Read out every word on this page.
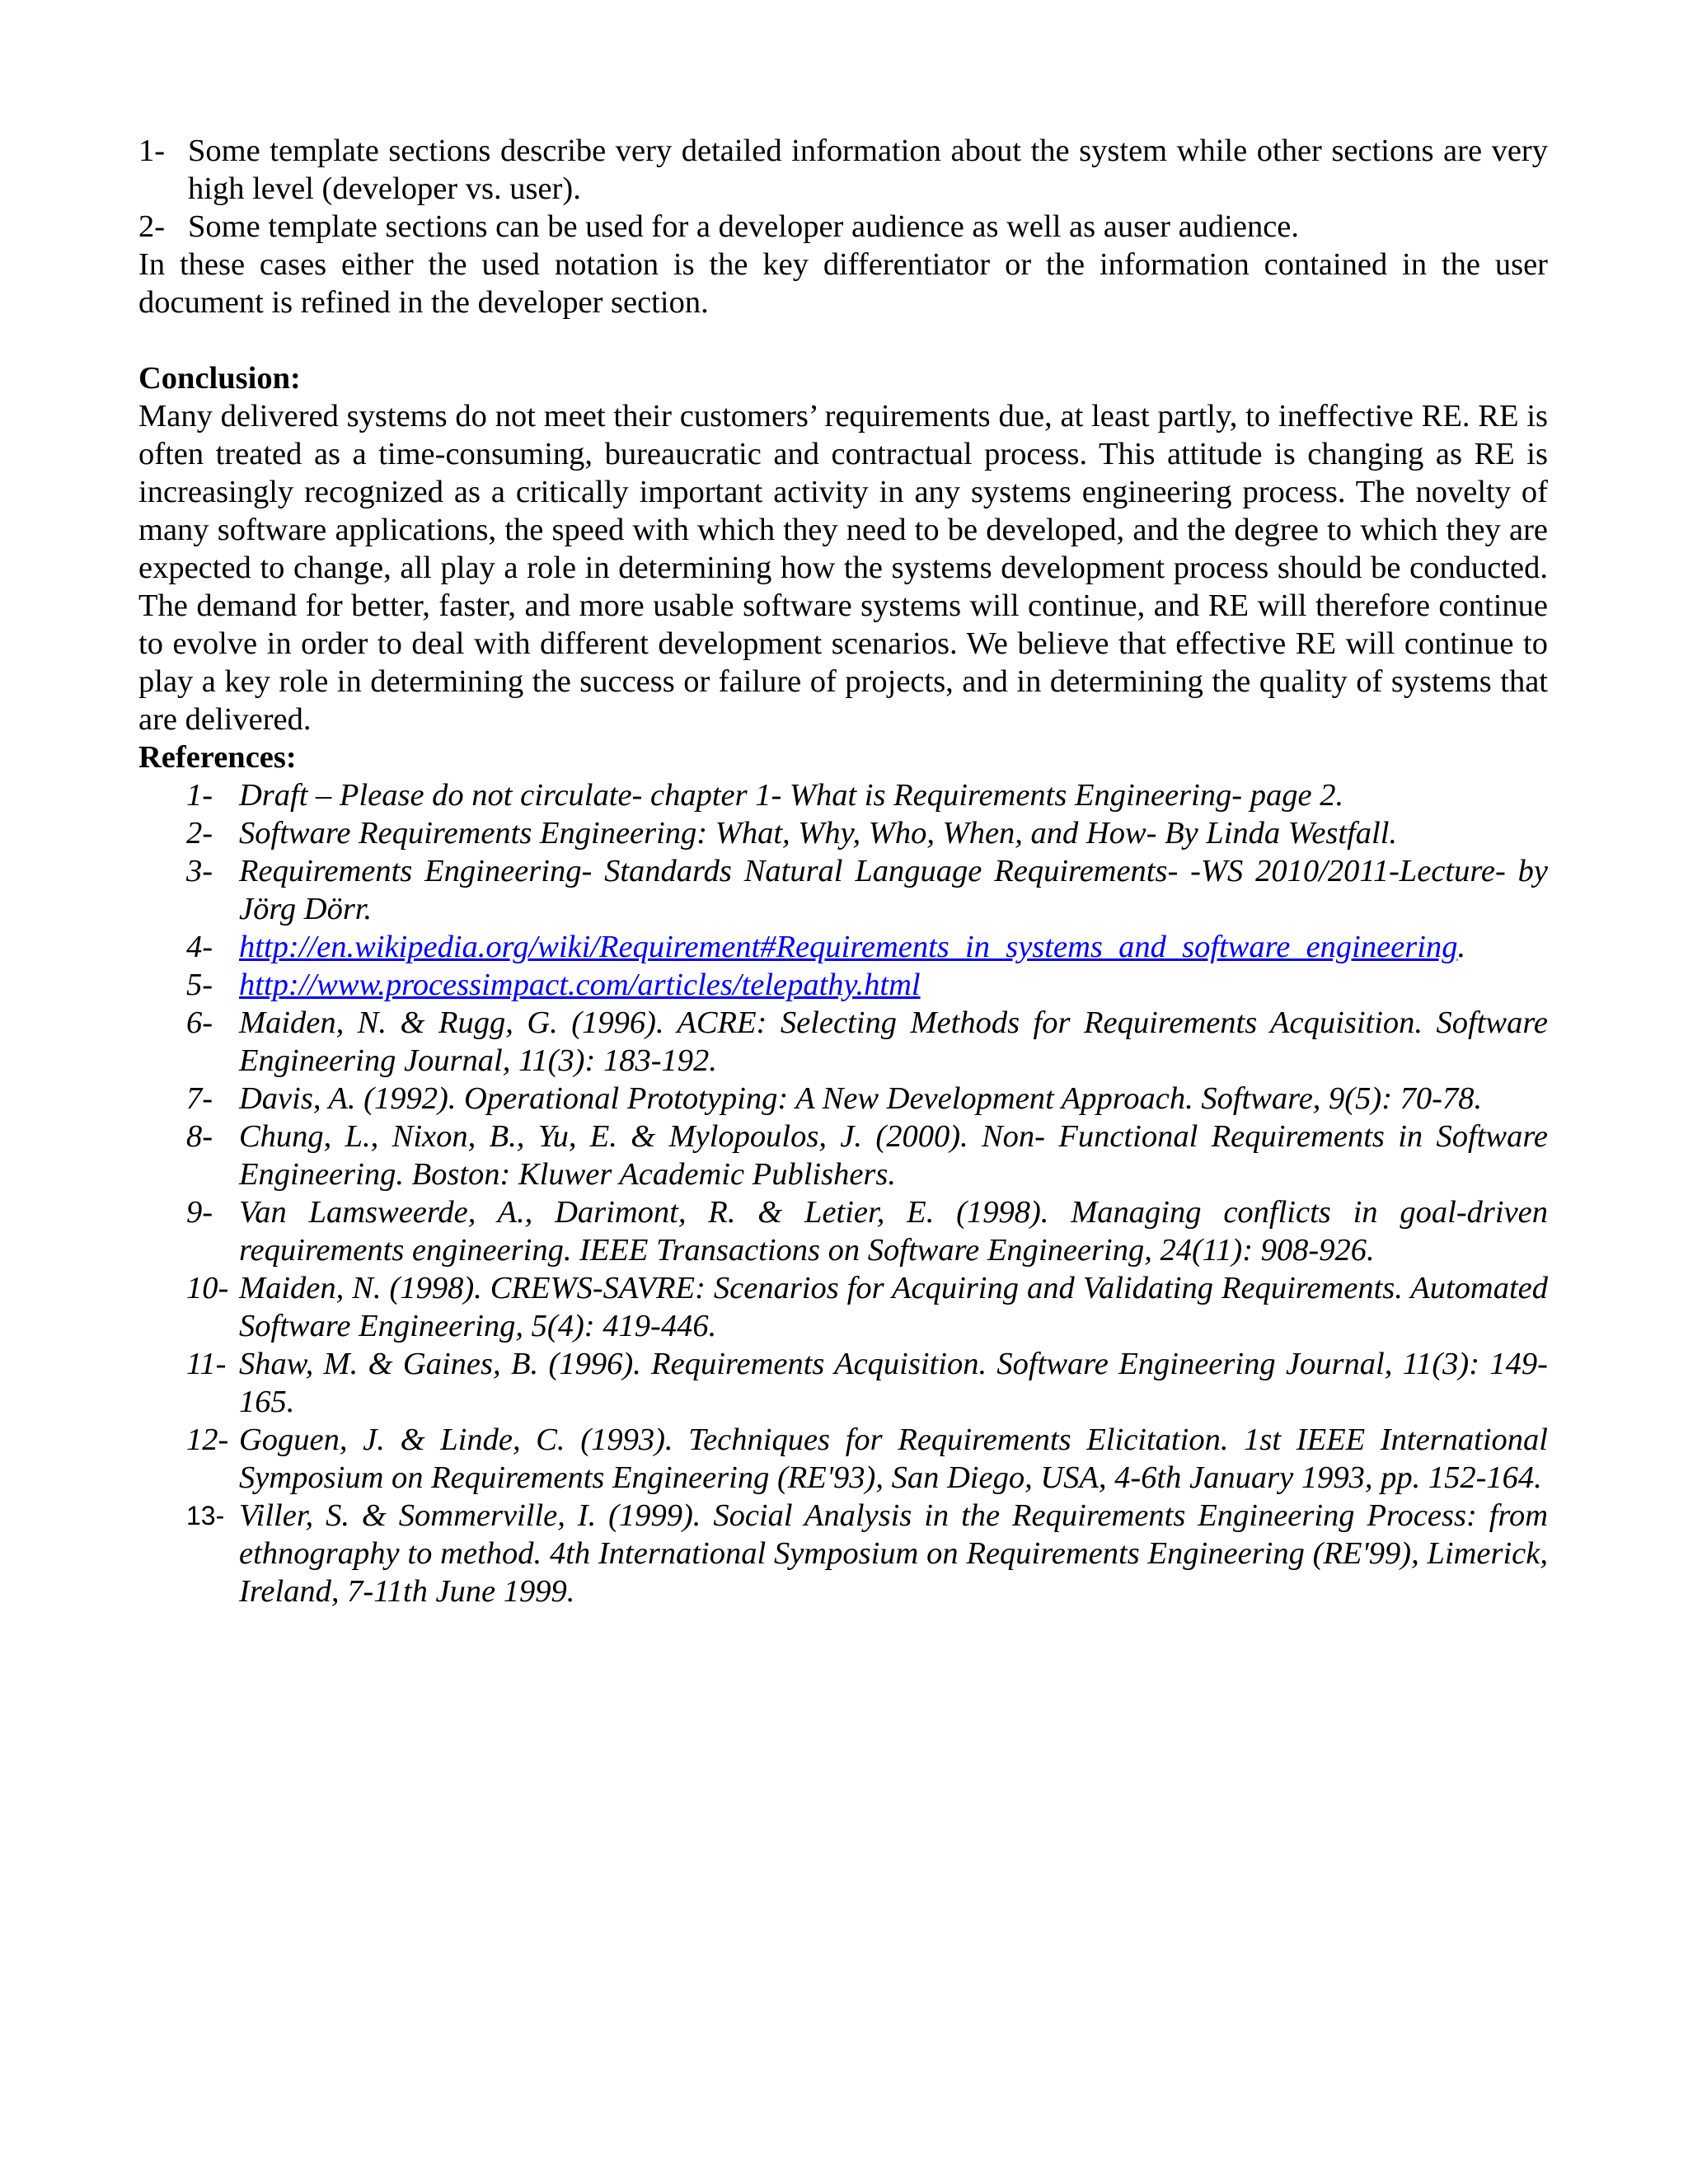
1- Some template sections describe very detailed information about the system while other sections are very high level (developer vs. user).
2- Some template sections can be used for a developer audience as well as auser audience.

In these cases either the used notation is the key differentiator or the information contained in the user document is refined in the developer section.

Conclusion:

Many delivered systems do not meet their customers’ requirements due, at least partly, to ineffective RE. RE is often treated as a time-consuming, bureaucratic and contractual process. This attitude is changing as RE is increasingly recognized as a critically important activity in any systems engineering process. The novelty of many software applications, the speed with which they need to be developed, and the degree to which they are expected to change, all play a role in determining how the systems development process should be conducted. The demand for better, faster, and more usable software systems will continue, and RE will therefore continue to evolve in order to deal with different development scenarios. We believe that effective RE will continue to play a key role in determining the success or failure of projects, and in determining the quality of systems that are delivered.

References:

1- Draft – Please do not circulate- chapter 1- What is Requirements Engineering- page 2.
2- Software Requirements Engineering: What, Why, Who, When, and How- By Linda Westfall.
3- Requirements Engineering- Standards Natural Language Requirements- -WS 2010/2011-Lecture- by Jörg Dörr.
4- http://en.wikipedia.org/wiki/Requirement#Requirements_in_systems_and_software_engineering.
5- http://www.processimpact.com/articles/telepathy.html
6- Maiden, N. & Rugg, G. (1996). ACRE: Selecting Methods for Requirements Acquisition. Software Engineering Journal, 11(3): 183-192.
7- Davis, A. (1992). Operational Prototyping: A New Development Approach. Software, 9(5): 70-78.
8- Chung, L., Nixon, B., Yu, E. & Mylopoulos, J. (2000). Non- Functional Requirements in Software Engineering. Boston: Kluwer Academic Publishers.
9- Van Lamsweerde, A., Darimont, R. & Letier, E. (1998). Managing conflicts in goal-driven requirements engineering. IEEE Transactions on Software Engineering, 24(11): 908-926.
10- Maiden, N. (1998). CREWS-SAVRE: Scenarios for Acquiring and Validating Requirements. Automated Software Engineering, 5(4): 419-446.
11- Shaw, M. & Gaines, B. (1996). Requirements Acquisition. Software Engineering Journal, 11(3): 149-165.
12- Goguen, J. & Linde, C. (1993). Techniques for Requirements Elicitation. 1st IEEE International Symposium on Requirements Engineering (RE'93), San Diego, USA, 4-6th January 1993, pp. 152-164.
13- Viller, S. & Sommerville, I. (1999). Social Analysis in the Requirements Engineering Process: from ethnography to method. 4th International Symposium on Requirements Engineering (RE'99), Limerick, Ireland, 7-11th June 1999.
